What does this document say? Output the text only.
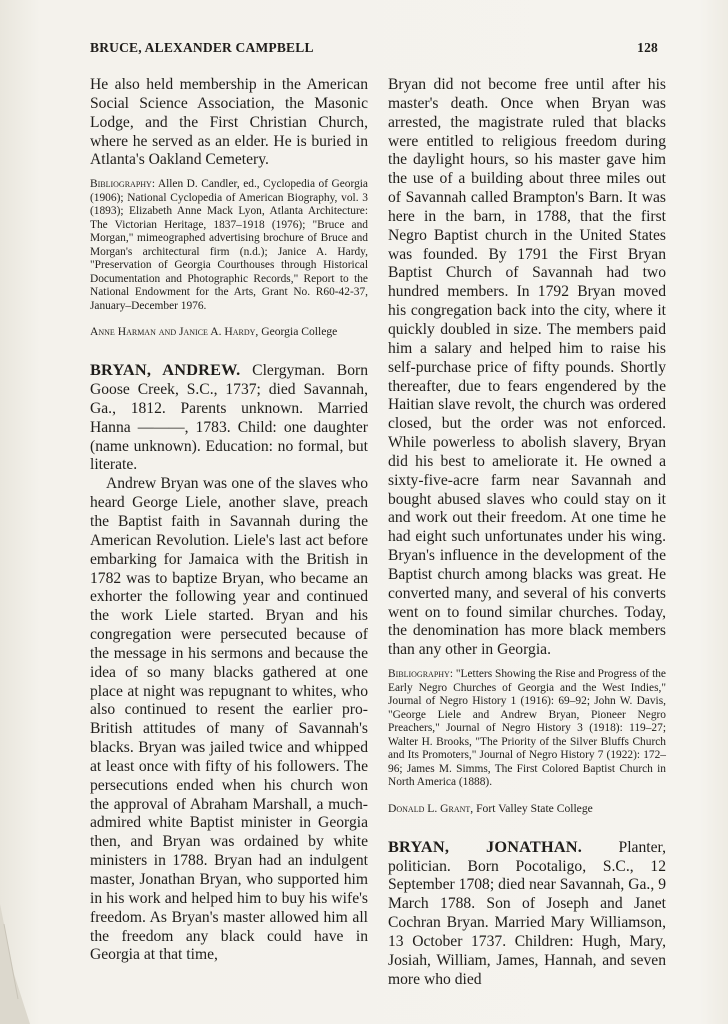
BRUCE, ALEXANDER CAMPBELL	128

He also held membership in the American Social Science Association, the Masonic Lodge, and the First Christian Church, where he served as an elder. He is buried in Atlanta's Oakland Cemetery.

Bibliography: Allen D. Candler, ed., Cyclopedia of Georgia (1906); National Cyclopedia of American Biography, vol. 3 (1893); Elizabeth Anne Mack Lyon, Atlanta Architecture: The Victorian Heritage, 1837–1918 (1976); "Bruce and Morgan," mimeographed advertising brochure of Bruce and Morgan's architectural firm (n.d.); Janice A. Hardy, "Preservation of Georgia Courthouses through Historical Documentation and Photographic Records," Report to the National Endowment for the Arts, Grant No. R60-42-37, January–December 1976.

Anne Harman and Janice A. Hardy, Georgia College

BRYAN, ANDREW. Clergyman. Born Goose Creek, S.C., 1737; died Savannah, Ga., 1812. Parents unknown. Married Hanna ———, 1783. Child: one daughter (name unknown). Education: no formal, but literate.

Andrew Bryan was one of the slaves who heard George Liele, another slave, preach the Baptist faith in Savannah during the American Revolution. Liele's last act before embarking for Jamaica with the British in 1782 was to baptize Bryan, who became an exhorter the following year and continued the work Liele started. Bryan and his congregation were persecuted because of the message in his sermons and because the idea of so many blacks gathered at one place at night was repugnant to whites, who also continued to resent the earlier pro-British attitudes of many of Savannah's blacks. Bryan was jailed twice and whipped at least once with fifty of his followers. The persecutions ended when his church won the approval of Abraham Marshall, a much-admired white Baptist minister in Georgia then, and Bryan was ordained by white ministers in 1788. Bryan had an indulgent master, Jonathan Bryan, who supported him in his work and helped him to buy his wife's freedom. As Bryan's master allowed him all the freedom any black could have in Georgia at that time,

Bryan did not become free until after his master's death. Once when Bryan was arrested, the magistrate ruled that blacks were entitled to religious freedom during the daylight hours, so his master gave him the use of a building about three miles out of Savannah called Brampton's Barn. It was here in the barn, in 1788, that the first Negro Baptist church in the United States was founded. By 1791 the First Bryan Baptist Church of Savannah had two hundred members. In 1792 Bryan moved his congregation back into the city, where it quickly doubled in size. The members paid him a salary and helped him to raise his self-purchase price of fifty pounds. Shortly thereafter, due to fears engendered by the Haitian slave revolt, the church was ordered closed, but the order was not enforced. While powerless to abolish slavery, Bryan did his best to ameliorate it. He owned a sixty-five-acre farm near Savannah and bought abused slaves who could stay on it and work out their freedom. At one time he had eight such unfortunates under his wing. Bryan's influence in the development of the Baptist church among blacks was great. He converted many, and several of his converts went on to found similar churches. Today, the denomination has more black members than any other in Georgia.

Bibliography: "Letters Showing the Rise and Progress of the Early Negro Churches of Georgia and the West Indies," Journal of Negro History 1 (1916): 69–92; John W. Davis, "George Liele and Andrew Bryan, Pioneer Negro Preachers," Journal of Negro History 3 (1918): 119–27; Walter H. Brooks, "The Priority of the Silver Bluffs Church and Its Promoters," Journal of Negro History 7 (1922): 172–96; James M. Simms, The First Colored Baptist Church in North America (1888).

Donald L. Grant, Fort Valley State College

BRYAN, JONATHAN. Planter, politician. Born Pocotaligo, S.C., 12 September 1708; died near Savannah, Ga., 9 March 1788. Son of Joseph and Janet Cochran Bryan. Married Mary Williamson, 13 October 1737. Children: Hugh, Mary, Josiah, William, James, Hannah, and seven more who died
